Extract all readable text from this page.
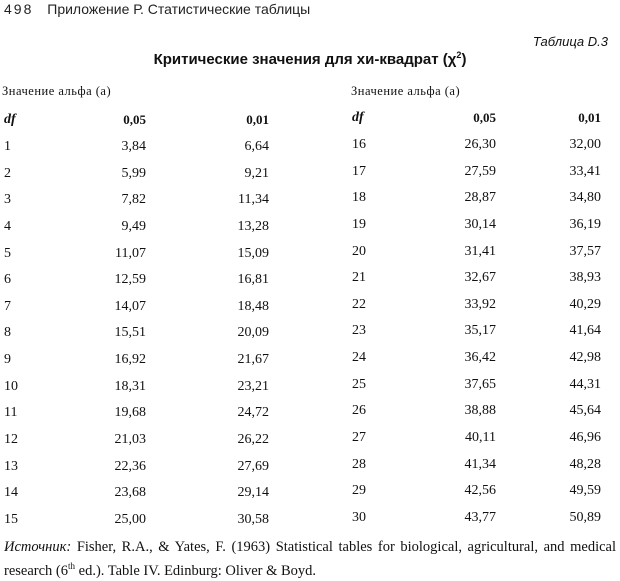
498 Приложение Р. Статистические таблицы
Таблица D.3
Критические значения для хи-квадрат $(\chi^2)$
Значение альфа (а)	Значение альфа (а)
df	0,05	0,01
1	3,84	6,64
2	5,99	9,21
3	7,82	11,34
4	9,49	13,28
5	11,07	15,09
6	12,59	16,81
7	14,07	18,48
8	15,51	20,09
9	16,92	21,67
10	18,31	23,21
11	19,68	24,72
12	21,03	26,22
13	22,36	27,69
14	23,68	29,14
15	25,00	30,58
df	0,05	0,01
16	26,30	32,00
17	27,59	33,41
18	28,87	34,80
19	30,14	36,19
20	31,41	37,57
21	32,67	38,93
22	33,92	40,29
23	35,17	41,64
24	36,42	42,98
25	37,65	44,31
26	38,88	45,64
27	40,11	46,96
28	41,34	48,28
29	42,56	49,59
30	43,77	50,89
Источник: Fisher, R.A., & Yates, F. (1963) Statistical tables for biological, agricultural, and medical research (6th ed.). Table IV. Edinburg: Oliver & Boyd.
